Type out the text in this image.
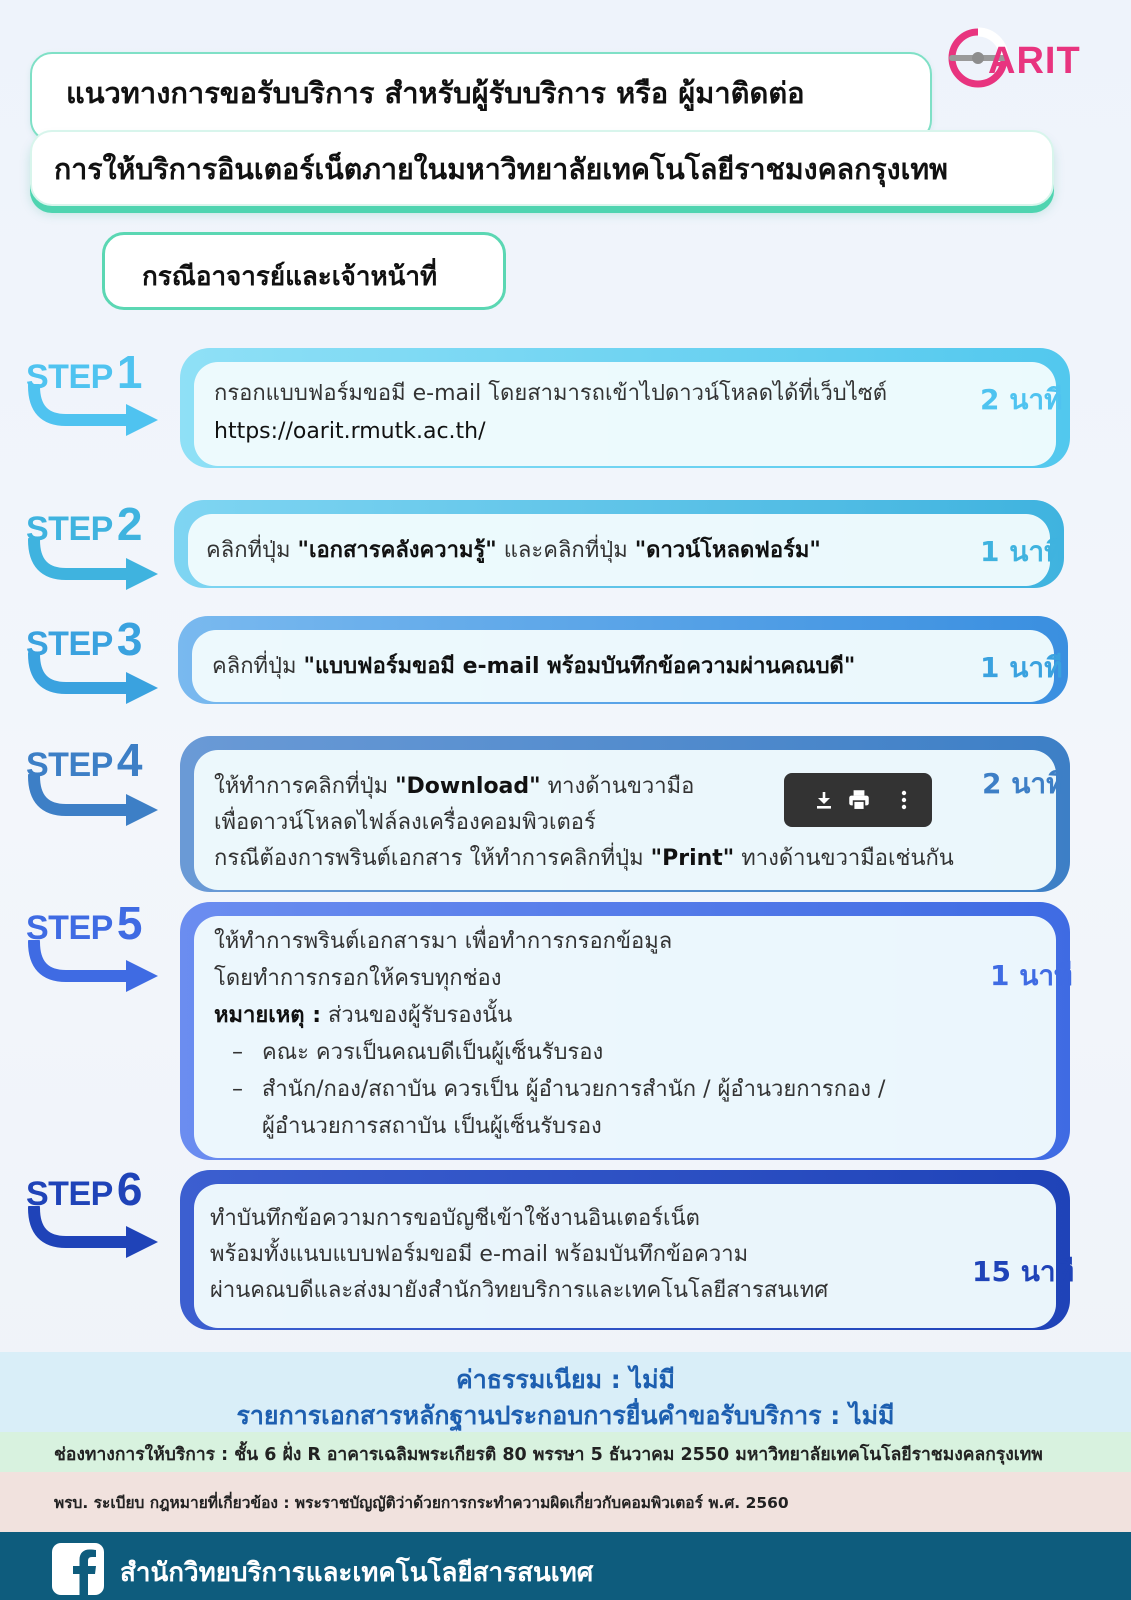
แนวทางการขอรับบริการ สำหรับผู้รับบริการ หรือ ผู้มาติดต่อ
การให้บริการอินเตอร์เน็ตภายในมหาวิทยาลัยเทคโนโลยีราชมงคลกรุงเทพ
ARIT
กรณีอาจารย์และเจ้าหน้าที่
STEP1	กรอกแบบฟอร์มขอมี e-mail โดยสามารถเข้าไปดาวน์โหลดได้ที่เว็บไซต์
https://oarit.rmutk.ac.th/
2 นาที
STEP2
คลิกที่ปุ่ม "เอกสารคลังความรู้" และคลิกที่ปุ่ม "ดาวน์โหลดฟอร์ม"	1 นาที
STEP3
คลิกที่ปุ่ม "แบบฟอร์มขอมี e-mail พร้อมบันทึกข้อความผ่านคณบดี"	1 นาที
STEP4
ให้ทำการคลิกที่ปุ่ม "Download" ทางด้านขวามือ
เพื่อดาวน์โหลดไฟล์ลงเครื่องคอมพิวเตอร์
กรณีต้องการพรินต์เอกสาร ให้ทำการคลิกที่ปุ่ม "Print" ทางด้านขวามือเช่นกัน
2 นาที
STEP5	ให้ทำการพรินต์เอกสารมา เพื่อทำการกรอกข้อมูล
โดยทำการกรอกให้ครบทุกช่อง
หมายเหตุ : ส่วนของผู้รับรองนั้น
– คณะ ควรเป็นคณบดีเป็นผู้เซ็นรับรอง
– สำนัก/กอง/สถาบัน ควรเป็น ผู้อำนวยการสำนัก / ผู้อำนวยการกอง /
ผู้อำนวยการสถาบัน เป็นผู้เซ็นรับรอง
1 นาที
STEP6
ทำบันทึกข้อความการขอบัญชีเข้าใช้งานอินเตอร์เน็ต
พร้อมทั้งแนบแบบฟอร์มขอมี e-mail พร้อมบันทึกข้อความ
ผ่านคณบดีและส่งมายังสำนักวิทยบริการและเทคโนโลยีสารสนเทศ
15 นาที
ค่าธรรมเนียม : ไม่มี
รายการเอกสารหลักฐานประกอบการยื่นคำขอรับบริการ : ไม่มี
ช่องทางการให้บริการ : ชั้น 6 ฝั่ง R อาคารเฉลิมพระเกียรติ 80 พรรษา 5 ธันวาคม 2550 มหาวิทยาลัยเทคโนโลยีราชมงคลกรุงเทพ
พรบ. ระเบียบ กฎหมายที่เกี่ยวข้อง : พระราชบัญญัติว่าด้วยการกระทำความผิดเกี่ยวกับคอมพิวเตอร์ พ.ศ. 2560
สำนักวิทยบริการและเทคโนโลยีสารสนเทศ
